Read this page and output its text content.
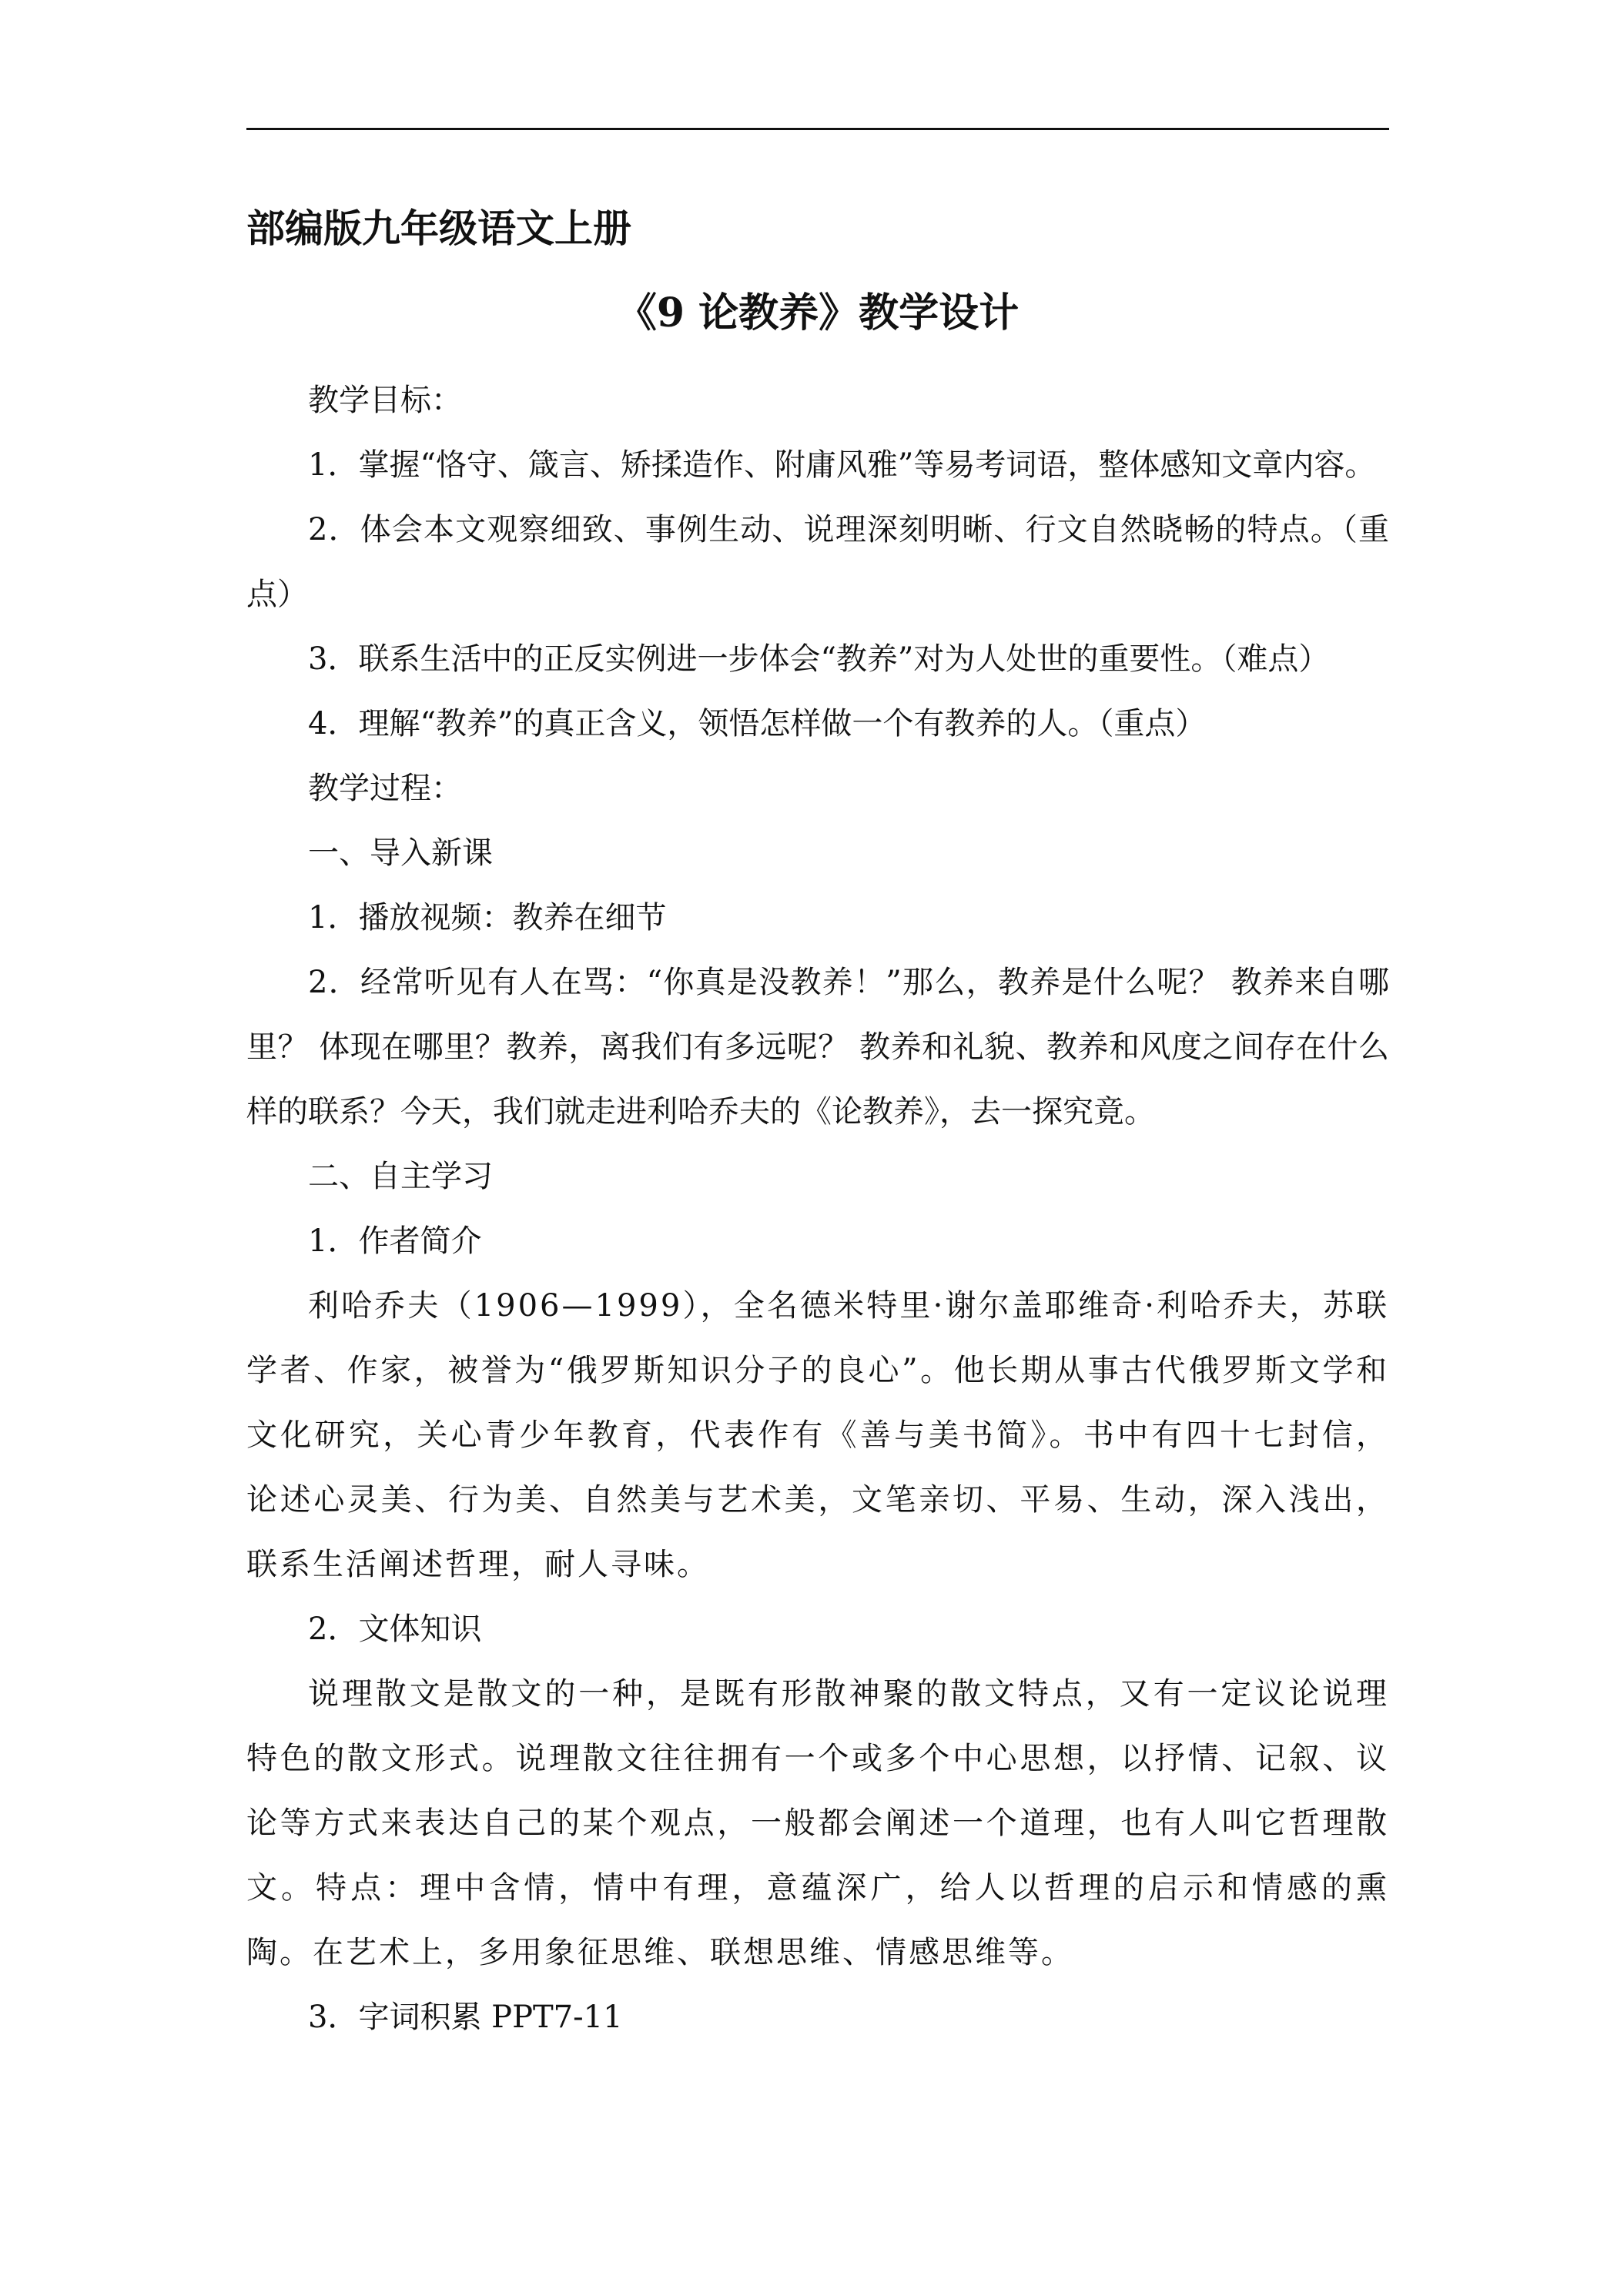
部编版九年级语文上册
《9 论教养》教学设计

教学目标：

1．掌握“恪守、箴言、矫揉造作、附庸风雅”等易考词语，整体感知文章内容。

2．体会本文观察细致、事例生动、说理深刻明晰、行文自然晓畅的特点。（重点）

3．联系生活中的正反实例进一步体会“教养”对为人处世的重要性。（难点）

4．理解“教养”的真正含义，领悟怎样做一个有教养的人。（重点）

教学过程：

一、导入新课

1．播放视频：教养在细节

2．经常听见有人在骂：“你真是没教养！”那么，教养是什么呢？ 教养来自哪里？ 体现在哪里？教养，离我们有多远呢？ 教养和礼貌、教养和风度之间存在什么样的联系？今天，我们就走进利哈乔夫的《论教养》，去一探究竟。

二、自主学习

1．作者简介

利哈乔夫（1906—1999），全名德米特里·谢尔盖耶维奇·利哈乔夫，苏联学者、作家，被誉为“俄罗斯知识分子的良心”。他长期从事古代俄罗斯文学和文化研究，关心青少年教育，代表作有《善与美书简》。书中有四十七封信，论述心灵美、行为美、自然美与艺术美，文笔亲切、平易、生动，深入浅出，联系生活阐述哲理，耐人寻味。

2．文体知识

说理散文是散文的一种，是既有形散神聚的散文特点，又有一定议论说理特色的散文形式。说理散文往往拥有一个或多个中心思想，以抒情、记叙、议论等方式来表达自己的某个观点，一般都会阐述一个道理，也有人叫它哲理散文。特点：理中含情，情中有理，意蕴深广，给人以哲理的启示和情感的熏陶。在艺术上，多用象征思维、联想思维、情感思维等。

3．字词积累 PPT7-11
